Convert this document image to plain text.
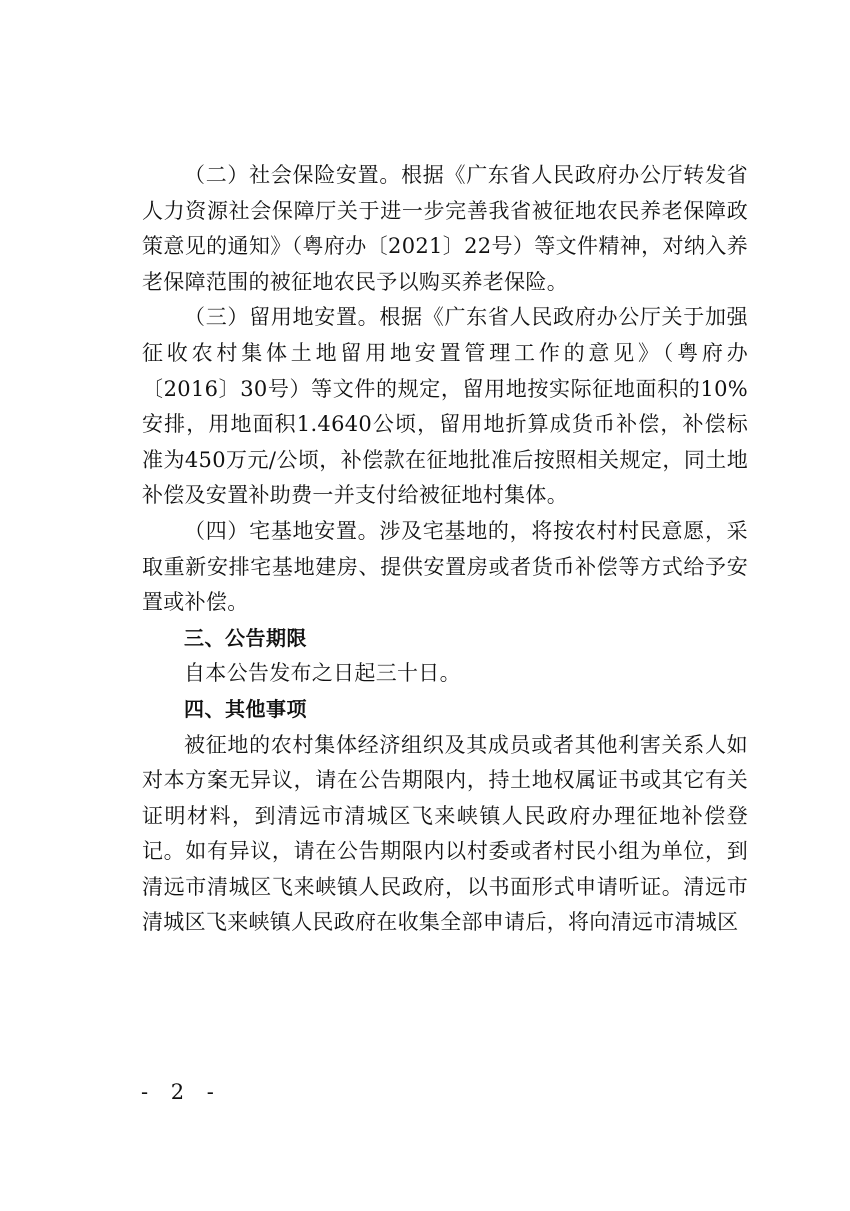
（二）社会保险安置。根据《广东省人民政府办公厅转发省人力资源社会保障厅关于进一步完善我省被征地农民养老保障政策意见的通知》（粤府办〔2021〕22号）等文件精神，对纳入养老保障范围的被征地农民予以购买养老保险。

（三）留用地安置。根据《广东省人民政府办公厅关于加强征收农村集体土地留用地安置管理工作的意见》（粤府办〔2016〕30号）等文件的规定，留用地按实际征地面积的10%安排，用地面积1.4640公顷，留用地折算成货币补偿，补偿标准为450万元/公顷，补偿款在征地批准后按照相关规定，同土地补偿及安置补助费一并支付给被征地村集体。

（四）宅基地安置。涉及宅基地的，将按农村村民意愿，采取重新安排宅基地建房、提供安置房或者货币补偿等方式给予安置或补偿。

三、公告期限

自本公告发布之日起三十日。

四、其他事项

被征地的农村集体经济组织及其成员或者其他利害关系人如对本方案无异议，请在公告期限内，持土地权属证书或其它有关证明材料，到清远市清城区飞来峡镇人民政府办理征地补偿登记。如有异议，请在公告期限内以村委或者村民小组为单位，到清远市清城区飞来峡镇人民政府，以书面形式申请听证。清远市清城区飞来峡镇人民政府在收集全部申请后，将向清远市清城区

- 2 -
